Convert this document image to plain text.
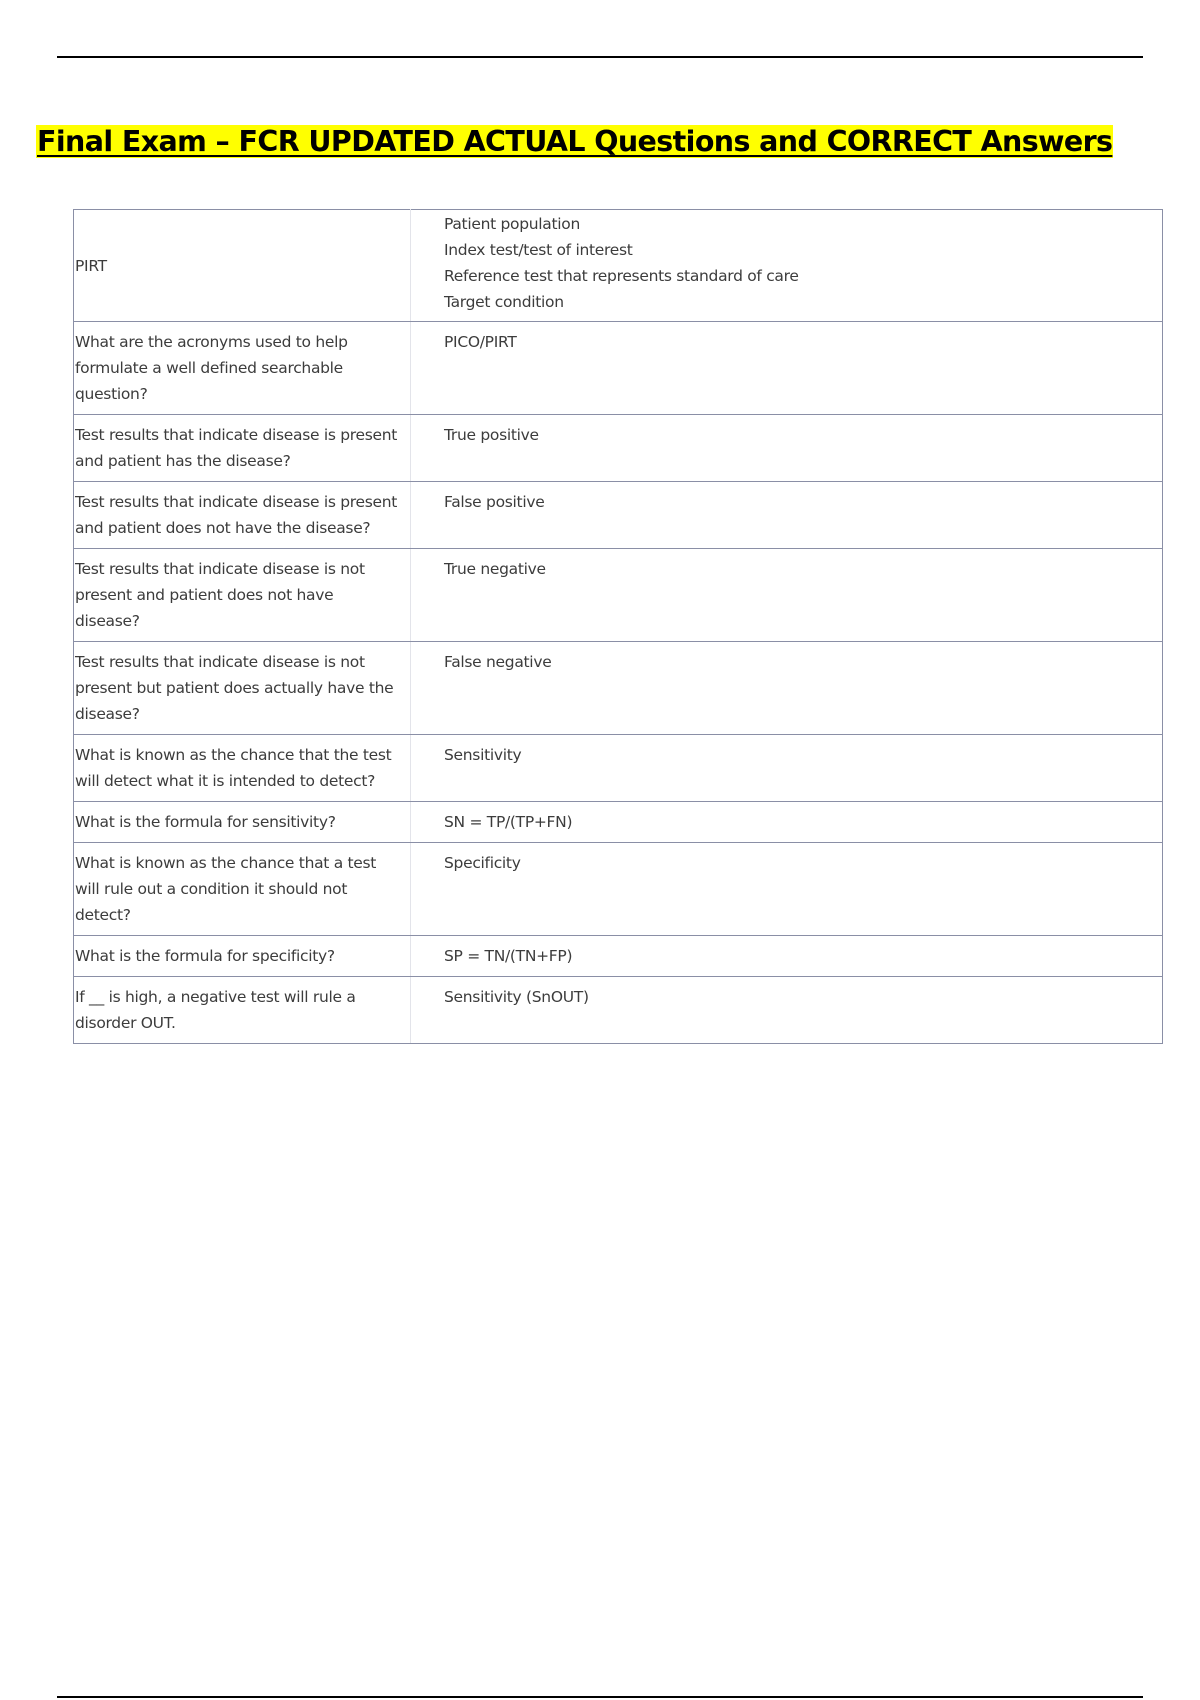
Final Exam – FCR UPDATED ACTUAL Questions and CORRECT Answers
PIRT	Patient population
Index test/test of interest
Reference test that represents standard of care
Target condition

What are the acronyms used to help formulate a well defined searchable question?	PICO/PIRT
Test results that indicate disease is present and patient has the disease?	True positive
Test results that indicate disease is present and patient does not have the disease?	False positive
Test results that indicate disease is not present and patient does not have disease?	True negative
Test results that indicate disease is not present but patient does actually have the disease?	False negative
What is known as the chance that the test will detect what it is intended to detect?	Sensitivity
What is the formula for sensitivity?	SN = TP/(TP+FN)
What is known as the chance that a test will rule out a condition it should not detect?	Specificity
What is the formula for specificity?	SP = TN/(TN+FP)
If __ is high, a negative test will rule a disorder OUT.	Sensitivity (SnOUT)
